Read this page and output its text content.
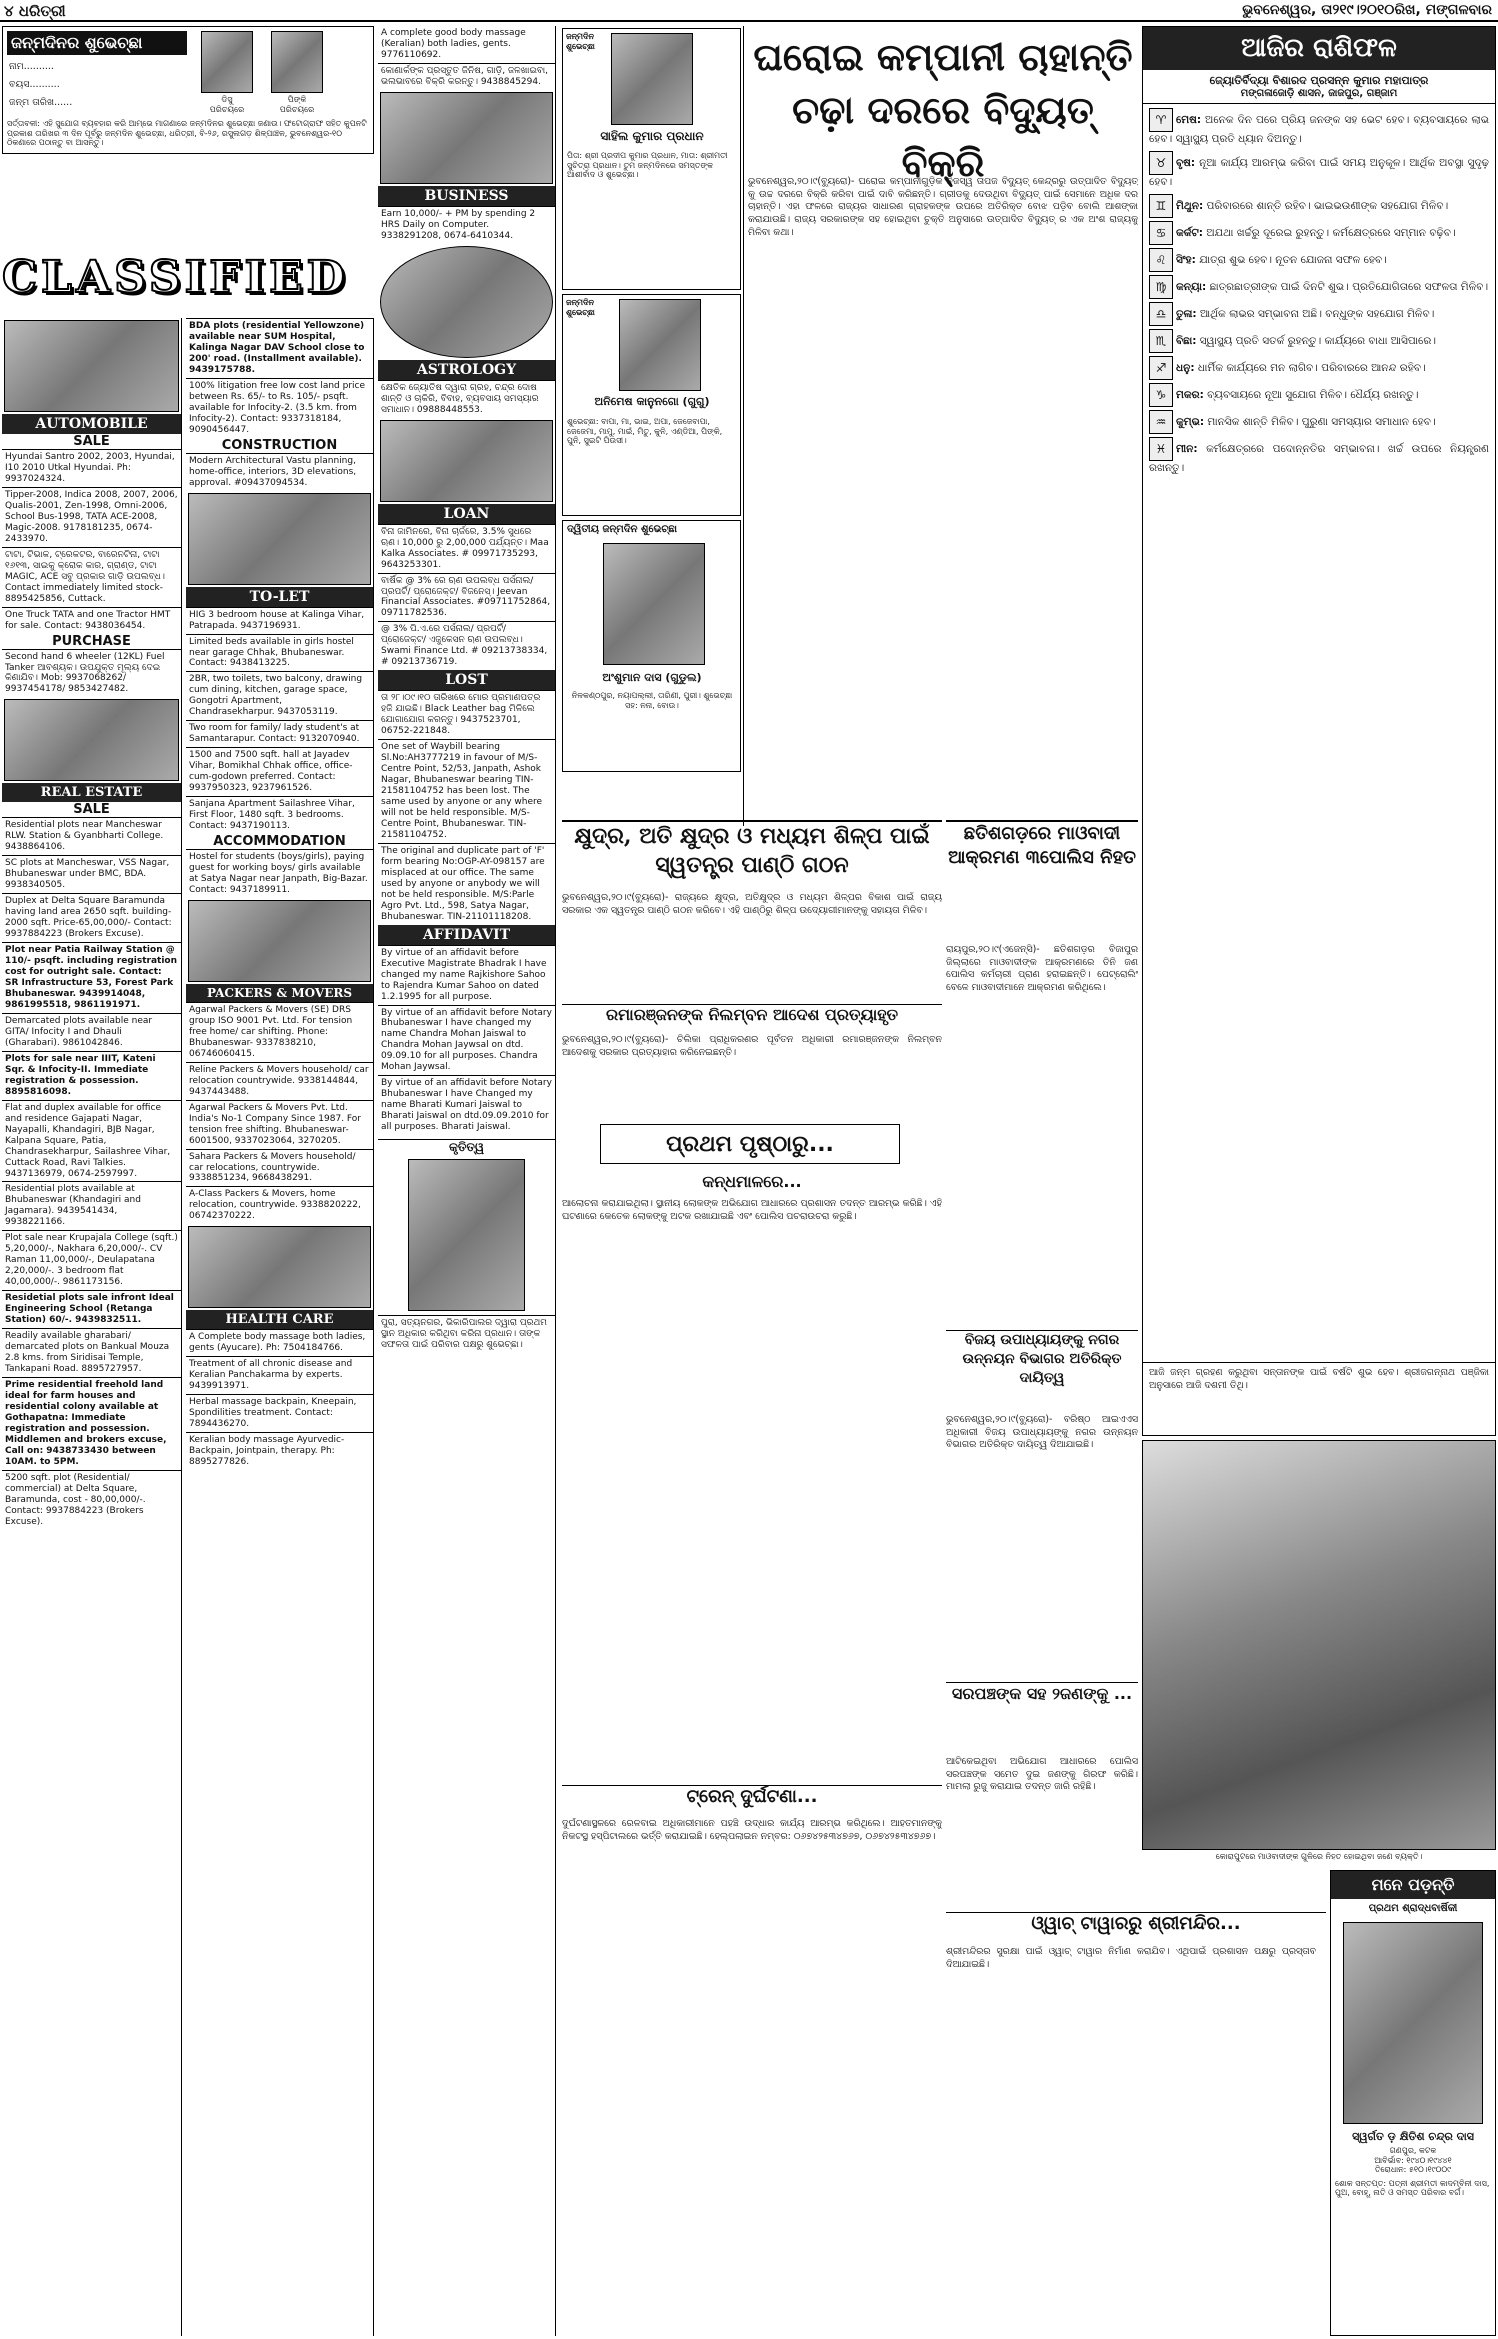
୪ ଧରିତ୍ରୀ	ଭୁବନେଶ୍ୱର, ତା୨୧୯।୨୦୧୦ରିଖ, ମଙ୍ଗଳବାର
ଜନ୍ମଦିନର ଶୁଭେଚ୍ଛା
ନାମ..........
ବୟସ..........
ଜନ୍ମ ତାରିଖ......	ଡିସୁ	ପିଙ୍କି
ପରିଚୟରେ	ପରିଚୟରେ
ସର୍ତ୍ତାବଳୀ: ଏହି ସୁଯୋଗ ବ୍ୟବହାର କରି ଆମ୍ଭେ ମାଗଣାରେ ଜନ୍ମଦିନର ଶୁଭେଚ୍ଛା ଜଣାଉ। ଫଟୋଗ୍ରାଫ ସହିତ କୁପନଟି ପ୍ରକାଶ ତାରିଖର ୩ ଦିନ ପୂର୍ବରୁ ଜନ୍ମଦିନ ଶୁଭେଚ୍ଛା, ଧରିତ୍ରୀ, ବି-୨୬, ରସୁଲଗଡ଼ ଶିଳ୍ପାଞ୍ଚଳ, ଭୁବନେଶ୍ୱର-୧୦ ଠିକଣାରେ ପଠାନ୍ତୁ ବା ଆସନ୍ତୁ।
CLASSIFIED
AUTOMOBILE
SALE
Hyundai Santro 2002, 2003, Hyundai, I10 2010 Utkal Hyundai. Ph: 9937024324.
Tipper-2008, Indica 2008, 2007, 2006, Qualis-2001, Zen-1998, Omni-2006, School Bus-1998, TATA ACE-2008, Magic-2008. 9178181235, 0674-2433970.
ଟାଟା, ଟିଭାକ, ଟ୍ରେକଟର, ବାରେନଟିନା, ଟାଟା ୧୬୧୩, ସାଇକୁ କ୍ରୋକ କାର, ଗ୍ରାଣ୍ଡ, ଟାଟା MAGIC, ACE ସବୁ ପ୍ରକାର ଗାଡ଼ି ଉପଲବ୍ଧ। Contact immediately limited stock- 8895425856, Cuttack.
One Truck TATA and one Tractor HMT for sale. Contact: 9438036454.
PURCHASE
Second hand 6 wheeler (12KL) Fuel Tanker ଆବଶ୍ୟକ। ଉପଯୁକ୍ତ ମୂଲ୍ୟ ଦେଇ କିଣାଯିବ। Mob: 9937068262/ 9937454178/ 9853427482.
REAL ESTATE
SALE
Residential plots near Mancheswar RLW. Station & Gyanbharti College. 9438864106.
SC plots at Mancheswar, VSS Nagar, Bhubaneswar under BMC, BDA. 9938340505.
Duplex at Delta Square Baramunda having land area 2650 sqft. building-2000 sqft. Price-65,00,000/- Contact: 9937884223 (Brokers Excuse).
Plot near Patia Railway Station @ 110/- psqft. including registration cost for outright sale. Contact: SR Infrastructure 53, Forest Park Bhubaneswar. 9439914048, 9861995518, 9861191971.
Demarcated plots available near GITA/ Infocity I and Dhauli (Gharabari). 9861042846.
Plots for sale near IIIT, Kateni Sqr. & Infocity-II. Immediate registration & possession. 8895816098.
Flat and duplex available for office and residence Gajapati Nagar, Nayapalli, Khandagiri, BJB Nagar, Kalpana Square, Patia, Chandrasekharpur, Sailashree Vihar, Cuttack Road, Ravi Talkies. 9437136979, 0674-2597997.
Residential plots available at Bhubaneswar (Khandagiri and Jagamara). 9439541434, 9938221166.
Plot sale near Krupajala College (sqft.) 5,20,000/-, Nakhara 6,20,000/-. CV Raman 11,00,000/-, Deulapatana 2,20,000/-. 3 bedroom flat 40,00,000/-. 9861173156.
Residetial plots sale infront Ideal Engineering School (Retanga Station) 60/-. 9439832511.
Readily available gharabari/ demarcated plots on Bankual Mouza 2.8 kms. from Siridisai Temple, Tankapani Road. 8895727957.
Prime residential freehold land ideal for farm houses and residential colony available at Gothapatna: Immediate registration and possession. Middlemen and brokers excuse, Call on: 9438733430 between 10AM. to 5PM.
5200 sqft. plot (Residential/ commercial) at Delta Square, Baramunda, cost - 80,00,000/-. Contact: 9937884223 (Brokers Excuse).
BDA plots (residential Yellowzone) available near SUM Hospital, Kalinga Nagar DAV School close to 200' road. (Installment available). 9439175788.
100% litigation free low cost land price between Rs. 65/- to Rs. 105/- psqft. available for Infocity-2. (3.5 km. from Infocity-2). Contact: 9337318184, 9090456447.
CONSTRUCTION
Modern Architectural Vastu planning, home-office, interiors, 3D elevations, approval. #09437094534.
TO-LET
HIG 3 bedroom house at Kalinga Vihar, Patrapada. 9437196931.
Limited beds available in girls hostel near garage Chhak, Bhubaneswar. Contact: 9438413225.
2BR, two toilets, two balcony, drawing cum dining, kitchen, garage space, Gongotri Apartment, Chandrasekharpur. 9437053119.
Two room for family/ lady student's at Samantarapur. Contact: 9132070940.
1500 and 7500 sqft. hall at Jayadev Vihar, Bomikhal Chhak office, office-cum-godown preferred. Contact: 9937950323, 9237961526.
Sanjana Apartment Sailashree Vihar, First Floor, 1480 sqft. 3 bedrooms. Contact: 9437190113.
ACCOMMODATION
Hostel for students (boys/girls), paying guest for working boys/ girls available at Satya Nagar near Janpath, Big-Bazar. Contact: 9437189911.
PACKERS & MOVERS
Agarwal Packers & Movers (SE) DRS group ISO 9001 Pvt. Ltd. For tension free home/ car shifting. Phone: Bhubaneswar- 9337838210, 06746060415.
Reline Packers & Movers household/ car relocation countrywide. 9338144844, 9437443488.
Agarwal Packers & Movers Pvt. Ltd. India's No-1 Company Since 1987. For tension free shifting. Bhubaneswar- 6001500, 9337023064, 3270205.
Sahara Packers & Movers household/ car relocations, countrywide. 9338851234, 9668438291.
A-Class Packers & Movers, home relocation, countrywide. 9338820222, 06742370222.
HEALTH CARE
A Complete body massage both ladies, gents (Ayucare). Ph: 7504184766.
Treatment of all chronic disease and Keralian Panchakarma by experts. 9439913971.
Herbal massage backpain, Kneepain, Spondilities treatment. Contact: 7894436270.
Keralian body massage Ayurvedic-Backpain, Jointpain, therapy. Ph: 8895277826.
A complete good body massage (Keralian) both ladies, gents. 9776110692.
କୋଣାର୍କଙ୍କ ପ୍ରସ୍ତୁତ ଜିନିଷ, ଗାଡ଼ି, ଜଳଖାଇବା, ଭଲଭାବରେ ବିକ୍ରି କରନ୍ତୁ। 9438845294.
BUSINESS
Earn 10,000/- + PM by spending 2 HRS Daily on Computer. 9338291208, 0674-6410344.
ASTROLOGY
କ୍ଷେତିକ ଜ୍ୟୋତିଷ ଦ୍ୱାରା ଗ୍ରହ, ଚନ୍ଦ୍ର ଦୋଷ ଶାନ୍ତି ଓ ଚାକିରି, ବିବାହ, ବ୍ୟବସାୟ ସମସ୍ୟାର ସମାଧାନ। 09888448553.
LOAN
ବିନା ଜାମିନରେ, ବିନା ଚାର୍ଜରେ, 3.5% ସୁଧରେ ଋଣ। 10,000 ରୁ 2,00,000 ପର୍ଯ୍ୟନ୍ତ। Maa Kalka Associates. # 09971735293, 9643253301.
ବାର୍ଷିକ @ 3% ରେ ଋଣ ଉପଲବ୍ଧ ପର୍ସନାଲ/ ପ୍ରପର୍ଟି/ ପ୍ରୋଜେକ୍ଟ/ ବିଜନେସ୍। Jeevan Financial Associates. #09711752864, 09711782536.
@ 3% ପି.ଏ.ରେ ପର୍ସନାଲ/ ପ୍ରପର୍ଟି/ ପ୍ରୋଜେକ୍ଟ/ ଏଜୁକେସନ ଋଣ ଉପଲବ୍ଧ। Swami Finance Ltd. # 09213738334, # 09213736719.
LOST
ତା ୨୮।୦୯।୧୦ ତାରିଖରେ ମୋର ପ୍ରମାଣପତ୍ର ହଜି ଯାଇଛି। Black Leather bag ମିଳିଲେ ଯୋଗାଯୋଗ କରନ୍ତୁ। 9437523701, 06752-221848.
One set of Waybill bearing Sl.No:AH3777219 in favour of M/S-Centre Point, 52/53, Janpath, Ashok Nagar, Bhubaneswar bearing TIN-21581104752 has been lost. The same used by anyone or any where will not be held responsible. M/S-Centre Point, Bhubaneswar. TIN-21581104752.
The original and duplicate part of 'F' form bearing No:OGP-AY-098157 are misplaced at our office. The same used by anyone or anybody we will not be held responsible. M/S:Parle Agro Pvt. Ltd., 598, Satya Nagar, Bhubaneswar. TIN-21101118208.
AFFIDAVIT
By virtue of an affidavit before Executive Magistrate Bhadrak I have changed my name Rajkishore Sahoo to Rajendra Kumar Sahoo on dated 1.2.1995 for all purpose.
By virtue of an affidavit before Notary Bhubaneswar I have changed my name Chandra Mohan Jaiswal to Chandra Mohan Jaywsal on dtd. 09.09.10 for all purposes. Chandra Mohan Jaywsal.
By virtue of an affidavit before Notary Bhubaneswar I have Changed my name Bharati Kumari Jaiswal to Bharati Jaiswal on dtd.09.09.2010 for all purposes. Bharati Jaiswal.
କୃତିତ୍ୱ
ପୁରା, ସତ୍ୟନଗର, ଭିକାରିପାଲର ଦ୍ୱାରା ପ୍ରଥମ ସ୍ଥାନ ଅଧିକାର କରିଥିବା କରିନା ପ୍ରଧାନ। ତାଙ୍କ ସଫଳତା ପାଇଁ ପରିବାର ପକ୍ଷରୁ ଶୁଭେଚ୍ଛା।
ଜନ୍ମଦିନ ଶୁଭେଚ୍ଛା
ସାହିଲ କୁମାର ପ୍ରଧାନ
ପିତା: ଶ୍ରୀ ପ୍ରଦୀପ କୁମାର ପ୍ରଧାନ, ମାତା: ଶ୍ରୀମତୀ ସୁଚିତ୍ରା ପ୍ରଧାନ। ତୁମ ଜନ୍ମଦିନରେ ସମସ୍ତଙ୍କ ଆଶୀର୍ବାଦ ଓ ଶୁଭେଚ୍ଛା।
ଜନ୍ମଦିନ ଶୁଭେଚ୍ଛା
ଅନିମେଷ କାନୁନଗୋ (ଗୁଗୁ)
ଶୁଭେଚ୍ଛା: ବାପା, ମା, ଭାଇ, ଅପା, ଜେଜେବାପା, ଜେଜେମା, ମାମୁ, ମାଇଁ, ମିତୁ, କୁନି, ଏଣ୍ଡିଆ, ପିଙ୍କି, ପୁନି, ସୁଇଟି ପିଉସୀ।
ଦ୍ୱିତୀୟ ଜନ୍ମଦିନ ଶୁଭେଚ୍ଛା
ଅଂଶୁମାନ ଦାସ (ଗୁଡୁଲ)
ନିଳକଣ୍ଠପୁର, ନୟାପଲ୍ଲୀ, ତାରିଣୀ, ପୁରୀ। ଶୁଭେଚ୍ଛା ସହ: ନନା, ବୋଉ।
ଘରୋଇ କମ୍ପାନୀ ଚାହାନ୍ତି ଚଢ଼ା ଦରରେ ବିଦ୍ୟୁତ୍ ବିକ୍ରି
ଭୁବନେଶ୍ୱର,୨୦।୯(ବ୍ୟୁରୋ)- ଘରୋଇ କମ୍ପାନୀଗୁଡ଼ିକ ନିଜସ୍ୱ ତାପଜ ବିଦ୍ୟୁତ୍ କେନ୍ଦ୍ରରୁ ଉତ୍ପାଦିତ ବିଦ୍ୟୁତ୍ କୁ ଉଚ୍ଚ ଦରରେ ବିକ୍ରି କରିବା ପାଇଁ ଦାବି କରିଛନ୍ତି। ଗ୍ରୀଡକୁ ଦେଉଥିବା ବିଦ୍ୟୁତ୍ ପାଇଁ ସେମାନେ ଅଧିକ ଦର ଚାହାନ୍ତି। ଏହା ଫଳରେ ରାଜ୍ୟର ସାଧାରଣ ଗ୍ରାହକଙ୍କ ଉପରେ ଅତିରିକ୍ତ ବୋଝ ପଡ଼ିବ ବୋଲି ଆଶଙ୍କା କରାଯାଉଛି। ରାଜ୍ୟ ସରକାରଙ୍କ ସହ ହୋଇଥିବା ଚୁକ୍ତି ଅନୁସାରେ ଉତ୍ପାଦିତ ବିଦ୍ୟୁତ୍ ର ଏକ ଅଂଶ ରାଜ୍ୟକୁ ମିଳିବା କଥା।
କ୍ଷୁଦ୍ର, ଅତି କ୍ଷୁଦ୍ର ଓ ମଧ୍ୟମ ଶିଳ୍ପ ପାଇଁ ସ୍ୱତନ୍ତ୍ର ପାଣ୍ଠି ଗଠନ
ଭୁବନେଶ୍ୱର,୨୦।୯(ବ୍ୟୁରୋ)- ରାଜ୍ୟରେ କ୍ଷୁଦ୍ର, ଅତିକ୍ଷୁଦ୍ର ଓ ମଧ୍ୟମ ଶିଳ୍ପର ବିକାଶ ପାଇଁ ରାଜ୍ୟ ସରକାର ଏକ ସ୍ୱତନ୍ତ୍ର ପାଣ୍ଠି ଗଠନ କରିବେ। ଏହି ପାଣ୍ଠିରୁ ଶିଳ୍ପ ଉଦ୍ୟୋଗୀମାନଙ୍କୁ ସହାୟତା ମିଳିବ।
ରମାରଞ୍ଜନଙ୍କ ନିଲମ୍ବନ ଆଦେଶ ପ୍ରତ୍ୟାହୃତ
ଭୁବନେଶ୍ୱର,୨୦।୯(ବ୍ୟୁରୋ)- ଚିଲିକା ପ୍ରାଧିକରଣର ପୂର୍ବତନ ଅଧିକାରୀ ରମାରଞ୍ଜନଙ୍କ ନିଲମ୍ବନ ଆଦେଶକୁ ସରକାର ପ୍ରତ୍ୟାହାର କରିନେଇଛନ୍ତି।
ପ୍ରଥମ ପୃଷ୍ଠାରୁ...
କନ୍ଧମାଳରେ...
ଆଲୋଚନା କରାଯାଇଥିଲା। ସ୍ଥାନୀୟ ଲୋକଙ୍କ ଅଭିଯୋଗ ଆଧାରରେ ପ୍ରଶାସନ ତଦନ୍ତ ଆରମ୍ଭ କରିଛି। ଏହି ଘଟଣାରେ କେତେକ ଲୋକଙ୍କୁ ଅଟକ ରଖାଯାଇଛି ଏବଂ ପୋଲିସ ପଚରାଉଚରା କରୁଛି।
ଟ୍ରେନ୍ ଦୁର୍ଘଟଣା...
ଦୁର୍ଘଟଣାସ୍ଥଳରେ ରେଳବାଇ ଅଧିକାରୀମାନେ ପହଞ୍ଚି ଉଦ୍ଧାର କାର୍ଯ୍ୟ ଆରମ୍ଭ କରିଥିଲେ। ଆହତମାନଙ୍କୁ ନିକଟସ୍ଥ ହସ୍ପିଟାଲରେ ଭର୍ତ୍ତି କରାଯାଇଛି। ହେଲ୍ପଲାଇନ ନମ୍ବର: ୦୬୭୪୨୫୩୪୭୬୭, ୦୬୭୪୨୫୩୪୭୬୭।
ଛତିଶଗଡ଼ରେ ମାଓବାଦୀ ଆକ୍ରମଣ ୩ପୋଲିସ ନିହତ
ରାୟପୁର,୨୦।୯(ଏଜେନ୍ସି)- ଛତିଶଗଡ଼ର ବିଜାପୁର ଜିଲ୍ଲାରେ ମାଓବାଦୀଙ୍କ ଆକ୍ରମଣରେ ତିନି ଜଣ ପୋଲିସ କର୍ମଚାରୀ ପ୍ରାଣ ହରାଇଛନ୍ତି। ପେଟ୍ରୋଲିଂ ବେଳେ ମାଓବାଦୀମାନେ ଆକ୍ରମଣ କରିଥିଲେ।
ବିଜୟ ଉପାଧ୍ୟାୟଙ୍କୁ ନଗର ଉନ୍ନୟନ ବିଭାଗର ଅତିରିକ୍ତ ଦାୟିତ୍ୱ
ଭୁବନେଶ୍ୱର,୨୦।୯(ବ୍ୟୁରୋ)- ବରିଷ୍ଠ ଆଇଏଏସ ଅଧିକାରୀ ବିଜୟ ଉପାଧ୍ୟାୟଙ୍କୁ ନଗର ଉନ୍ନୟନ ବିଭାଗର ଅତିରିକ୍ତ ଦାୟିତ୍ୱ ଦିଆଯାଇଛି।
ସରପଞ୍ଚଙ୍କ ସହ ୨ଜଣଙ୍କୁ ...
ଆଟିକେଇଥିବା ଅଭିଯୋଗ ଆଧାରରେ ପୋଲିସ ସରପଞ୍ଚଙ୍କ ସମେତ ଦୁଇ ଜଣଙ୍କୁ ଗିରଫ କରିଛି। ମାମଲା ରୁଜୁ କରାଯାଇ ତଦନ୍ତ ଜାରି ରହିଛି।
ଓ୍ୱାଚ୍ ଟାୱାରରୁ ଶ୍ରୀମନ୍ଦିର...
ଶ୍ରୀମନ୍ଦିରର ସୁରକ୍ଷା ପାଇଁ ଓ୍ୱାଚ୍ ଟାୱାର ନିର୍ମାଣ କରାଯିବ। ଏଥିପାଇଁ ପ୍ରଶାସନ ପକ୍ଷରୁ ପ୍ରସ୍ତାବ ଦିଆଯାଇଛି।
ଆଜିର ରାଶିଫଳ
ଜ୍ୟୋତିର୍ବିଦ୍ୟା ବିଶାରଦ ପ୍ରସନ୍ନ କୁମାର ମହାପାତ୍ର
ମଙ୍ଗଳାଜୋଡ଼ି ଶାସନ, ଜାଜପୁର, ଗଞ୍ଜାମ

♈ ମେଷ: ଅନେକ ଦିନ ପରେ ପ୍ରିୟ ଜନଙ୍କ ସହ ଭେଟ ହେବ। ବ୍ୟବସାୟରେ ଲାଭ ହେବ। ସ୍ୱାସ୍ଥ୍ୟ ପ୍ରତି ଧ୍ୟାନ ଦିଅନ୍ତୁ।

♉ ବୃଷ: ନୂଆ କାର୍ଯ୍ୟ ଆରମ୍ଭ କରିବା ପାଇଁ ସମୟ ଅନୁକୂଳ। ଆର୍ଥିକ ଅବସ୍ଥା ସୁଦୃଢ଼ ହେବ।

♊ ମିଥୁନ: ପରିବାରରେ ଶାନ୍ତି ରହିବ। ଭାଇଭଉଣୀଙ୍କ ସହଯୋଗ ମିଳିବ।

♋ କର୍କଟ: ଅଯଥା ଖର୍ଚ୍ଚରୁ ଦୂରେଇ ରୁହନ୍ତୁ। କର୍ମକ୍ଷେତ୍ରରେ ସମ୍ମାନ ବଢ଼ିବ।

♌ ସିଂହ: ଯାତ୍ରା ଶୁଭ ହେବ। ନୂତନ ଯୋଜନା ସଫଳ ହେବ।

♍ କନ୍ୟା: ଛାତ୍ରଛାତ୍ରୀଙ୍କ ପାଇଁ ଦିନଟି ଶୁଭ। ପ୍ରତିଯୋଗିତାରେ ସଫଳତା ମିଳିବ।

♎ ତୁଳା: ଆର୍ଥିକ ଲାଭର ସମ୍ଭାବନା ଅଛି। ବନ୍ଧୁଙ୍କ ସହଯୋଗ ମିଳିବ।

♏ ବିଛା: ସ୍ୱାସ୍ଥ୍ୟ ପ୍ରତି ସତର୍କ ରୁହନ୍ତୁ। କାର୍ଯ୍ୟରେ ବାଧା ଆସିପାରେ।

♐ ଧନୁ: ଧାର୍ମିକ କାର୍ଯ୍ୟରେ ମନ ଲାଗିବ। ପରିବାରରେ ଆନନ୍ଦ ରହିବ।

♑ ମକର: ବ୍ୟବସାୟରେ ନୂଆ ସୁଯୋଗ ମିଳିବ। ଧୈର୍ଯ୍ୟ ରଖନ୍ତୁ।

♒ କୁମ୍ଭ: ମାନସିକ ଶାନ୍ତି ମିଳିବ। ପୁରୁଣା ସମସ୍ୟାର ସମାଧାନ ହେବ।

♓ ମୀନ: କର୍ମକ୍ଷେତ୍ରରେ ପଦୋନ୍ନତିର ସମ୍ଭାବନା। ଖର୍ଚ୍ଚ ଉପରେ ନିୟନ୍ତ୍ରଣ ରଖନ୍ତୁ।

ଆଜି ଜନ୍ମ ଗ୍ରହଣ କରୁଥିବା ସନ୍ତାନଙ୍କ ପାଇଁ ବର୍ଷଟି ଶୁଭ ହେବ। ଶ୍ରୀଜଗନ୍ନାଥ ପଞ୍ଜିକା ଅନୁସାରେ ଆଜି ଦଶମୀ ତିଥି।
କୋରାପୁଟରେ ମାଓବାଦୀଙ୍କ ଗୁଳିରେ ନିହତ ହୋଇଥିବା ଜଣେ ବ୍ୟକ୍ତି।
ମନେ ପଡ଼ନ୍ତି
ପ୍ରଥମ ଶ୍ରାଦ୍ଧବାର୍ଷିକୀ
ସ୍ୱର୍ଗତ ଡ଼ କ୍ଷିତିଶ ଚନ୍ଦ୍ର ଦାସ
ଗଣପୁର, କଟକ
ଆବିର୍ଭାବ: ୧୯୪୦।୧୯୪୪୧
ତିରୋଧାନ: ୫୧୦।୧୯୦୦୯
ଶୋକ ସନ୍ତପ୍ତ: ପତ୍ନୀ ଶ୍ରୀମତୀ କାଦମ୍ବିନୀ ଦାସ, ପୁଅ, ବୋହୂ, ନାତି ଓ ସମସ୍ତ ପରିବାର ବର୍ଗ।
